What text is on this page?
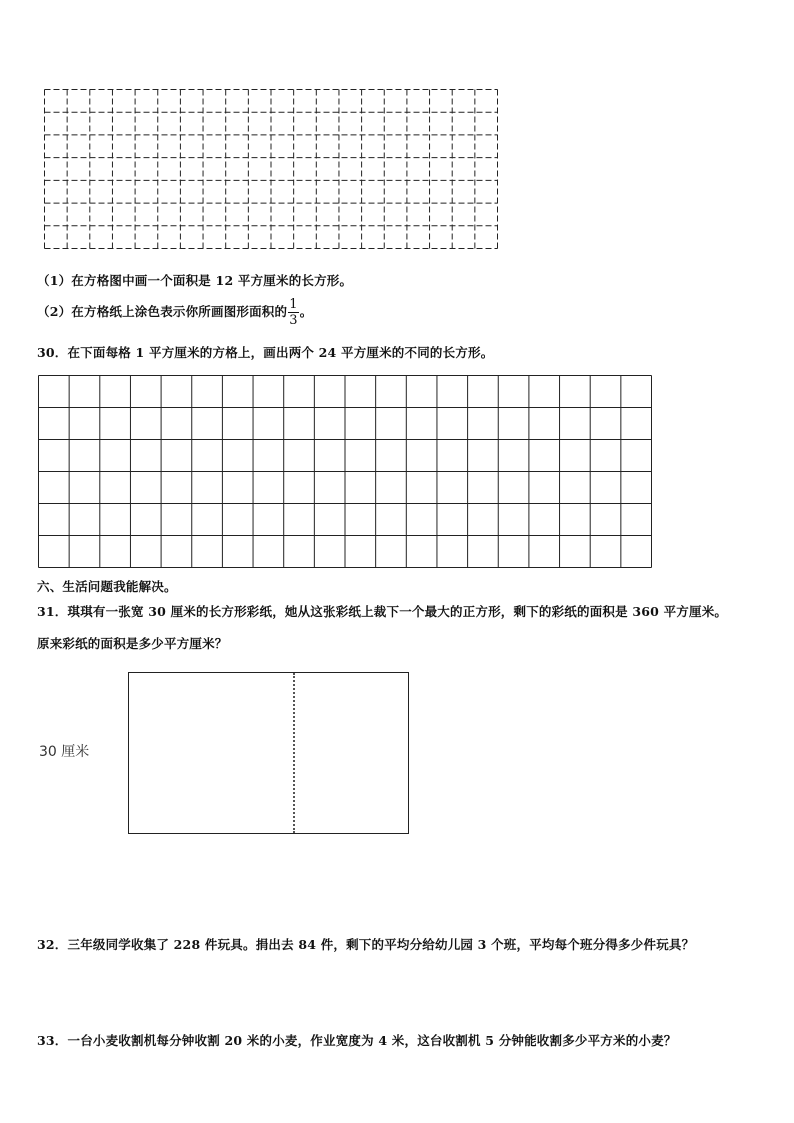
（1）在方格图中画一个面积是 12 平方厘米的长方形。
（2）在方格纸上涂色表示你所画图形面积的 $\frac{1}{3}$ 。
30．在下面每格 1 平方厘米的方格上，画出两个 24 平方厘米的不同的长方形。
六、生活问题我能解决。
31．琪琪有一张宽 30 厘米的长方形彩纸，她从这张彩纸上裁下一个最大的正方形，剩下的彩纸的面积是 360 平方厘米。
原来彩纸的面积是多少平方厘米？
30 厘米
32．三年级同学收集了 228 件玩具。捐出去 84 件，剩下的平均分给幼儿园 3 个班，平均每个班分得多少件玩具？
33．一台小麦收割机每分钟收割 20 米的小麦，作业宽度为 4 米，这台收割机 5 分钟能收割多少平方米的小麦？
